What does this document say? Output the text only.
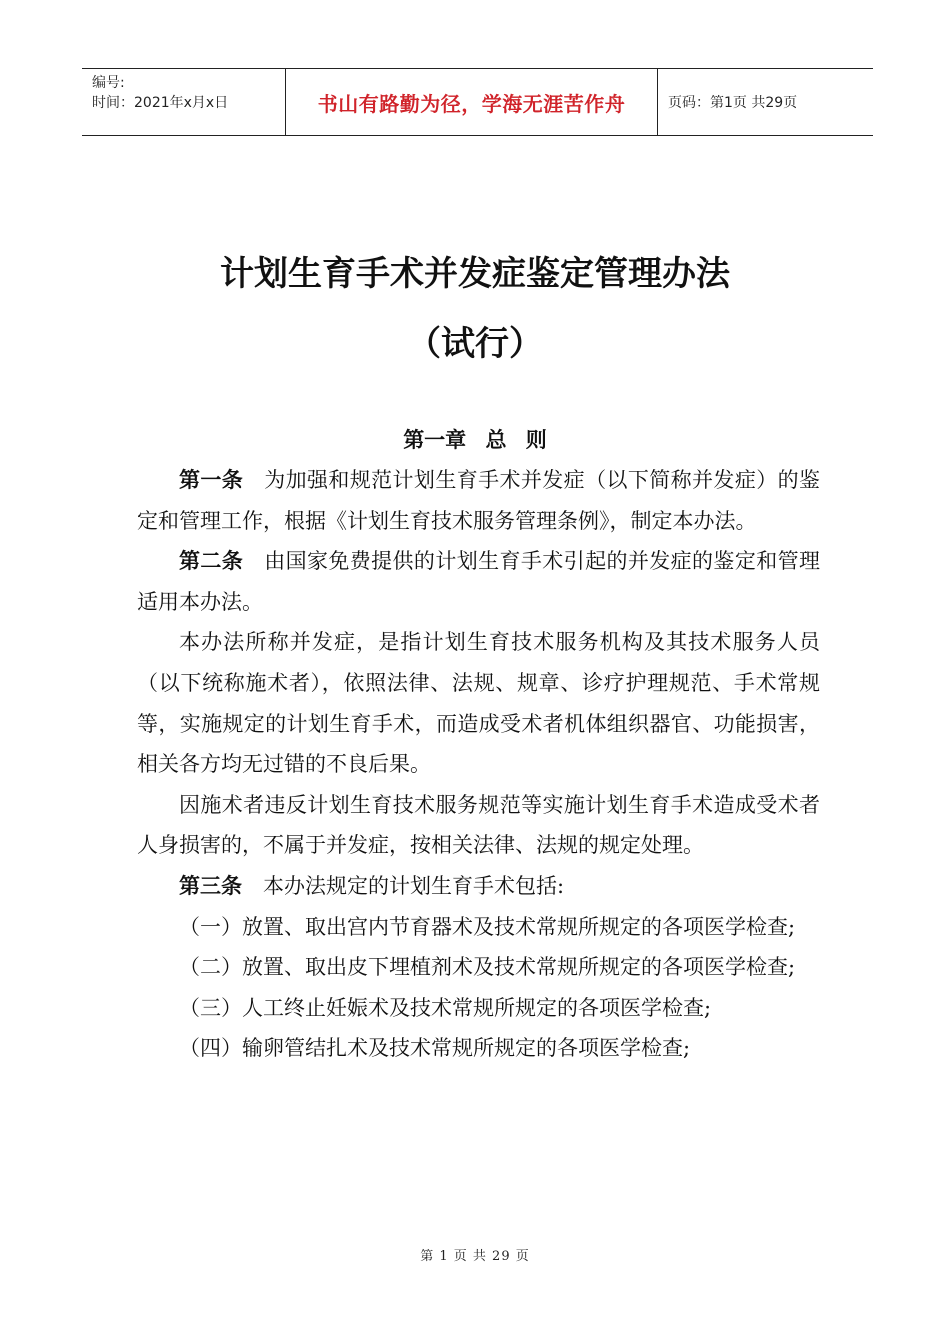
编号:
时间：2021年x月x日	书山有路勤为径，学海无涯苦作舟	页码：第1页 共29页
计划生育手术并发症鉴定管理办法
（试行）
第一章 总 则

第一条 为加强和规范计划生育手术并发症（以下简称并发症）的鉴定和管理工作，根据《计划生育技术服务管理条例》，制定本办法。

第二条 由国家免费提供的计划生育手术引起的并发症的鉴定和管理适用本办法。

本办法所称并发症，是指计划生育技术服务机构及其技术服务人员（以下统称施术者），依照法律、法规、规章、诊疗护理规范、手术常规等，实施规定的计划生育手术，而造成受术者机体组织器官、功能损害，相关各方均无过错的不良后果。

因施术者违反计划生育技术服务规范等实施计划生育手术造成受术者人身损害的，不属于并发症，按相关法律、法规的规定处理。

第三条 本办法规定的计划生育手术包括:

（一）放置、取出宫内节育器术及技术常规所规定的各项医学检查;

（二）放置、取出皮下埋植剂术及技术常规所规定的各项医学检查;

（三）人工终止妊娠术及技术常规所规定的各项医学检查;

（四）输卵管结扎术及技术常规所规定的各项医学检查;

第 1 页 共 29 页
